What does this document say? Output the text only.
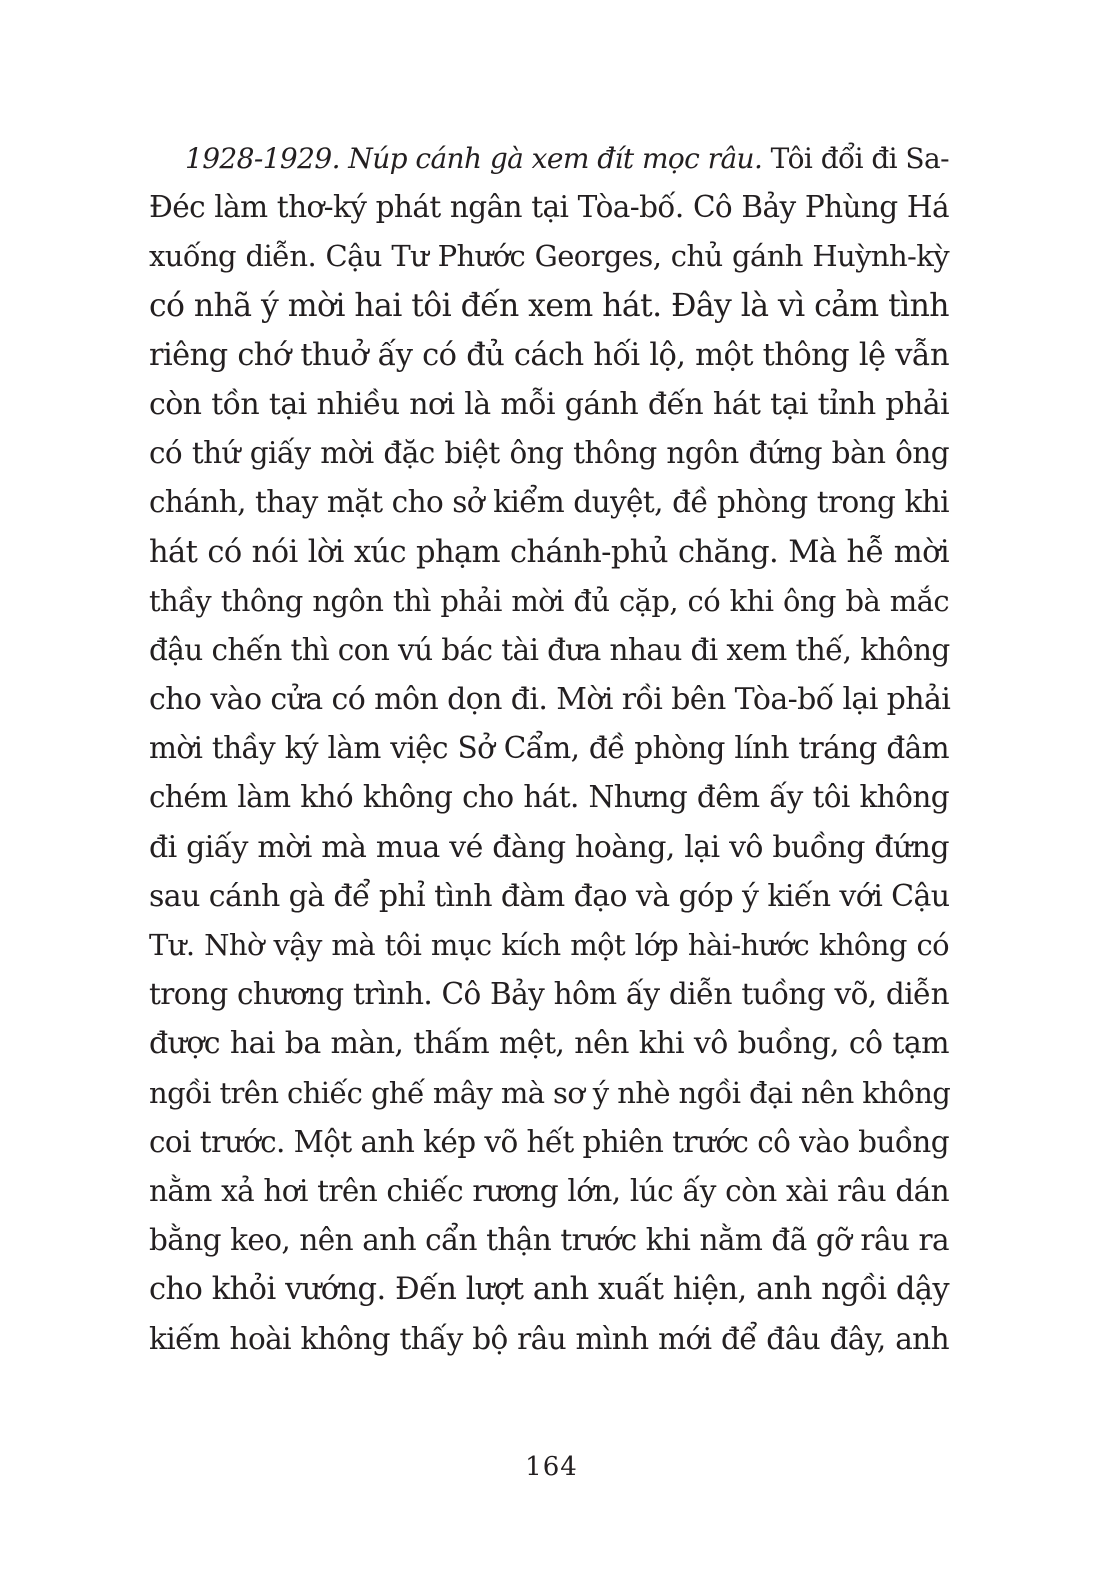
1928-1929. Núp cánh gà xem đít mọc râu. Tôi đổi đi Sa-
Đéc làm thơ-ký phát ngân tại Tòa-bố. Cô Bảy Phùng Há
xuống diễn. Cậu Tư Phước Georges, chủ gánh Huỳnh-kỳ
có nhã ý mời hai tôi đến xem hát. Đây là vì cảm tình
riêng chớ thuở ấy có đủ cách hối lộ, một thông lệ vẫn
còn tồn tại nhiều nơi là mỗi gánh đến hát tại tỉnh phải
có thứ giấy mời đặc biệt ông thông ngôn đứng bàn ông
chánh, thay mặt cho sở kiểm duyệt, đề phòng trong khi
hát có nói lời xúc phạm chánh-phủ chăng. Mà hễ mời
thầy thông ngôn thì phải mời đủ cặp, có khi ông bà mắc
đậu chến thì con vú bác tài đưa nhau đi xem thế, không
cho vào cửa có môn dọn đi. Mời rồi bên Tòa-bố lại phải
mời thầy ký làm việc Sở Cẩm, đề phòng lính tráng đâm
chém làm khó không cho hát. Nhưng đêm ấy tôi không
đi giấy mời mà mua vé đàng hoàng, lại vô buồng đứng
sau cánh gà để phỉ tình đàm đạo và góp ý kiến với Cậu
Tư. Nhờ vậy mà tôi mục kích một lớp hài-hước không có
trong chương trình. Cô Bảy hôm ấy diễn tuồng võ, diễn
được hai ba màn, thấm mệt, nên khi vô buồng, cô tạm
ngồi trên chiếc ghế mây mà sơ ý nhè ngồi đại nên không
coi trước. Một anh kép võ hết phiên trước cô vào buồng
nằm xả hơi trên chiếc rương lớn, lúc ấy còn xài râu dán
bằng keo, nên anh cẩn thận trước khi nằm đã gỡ râu ra
cho khỏi vướng. Đến lượt anh xuất hiện, anh ngồi dậy
kiếm hoài không thấy bộ râu mình mới để đâu đây, anh
164
